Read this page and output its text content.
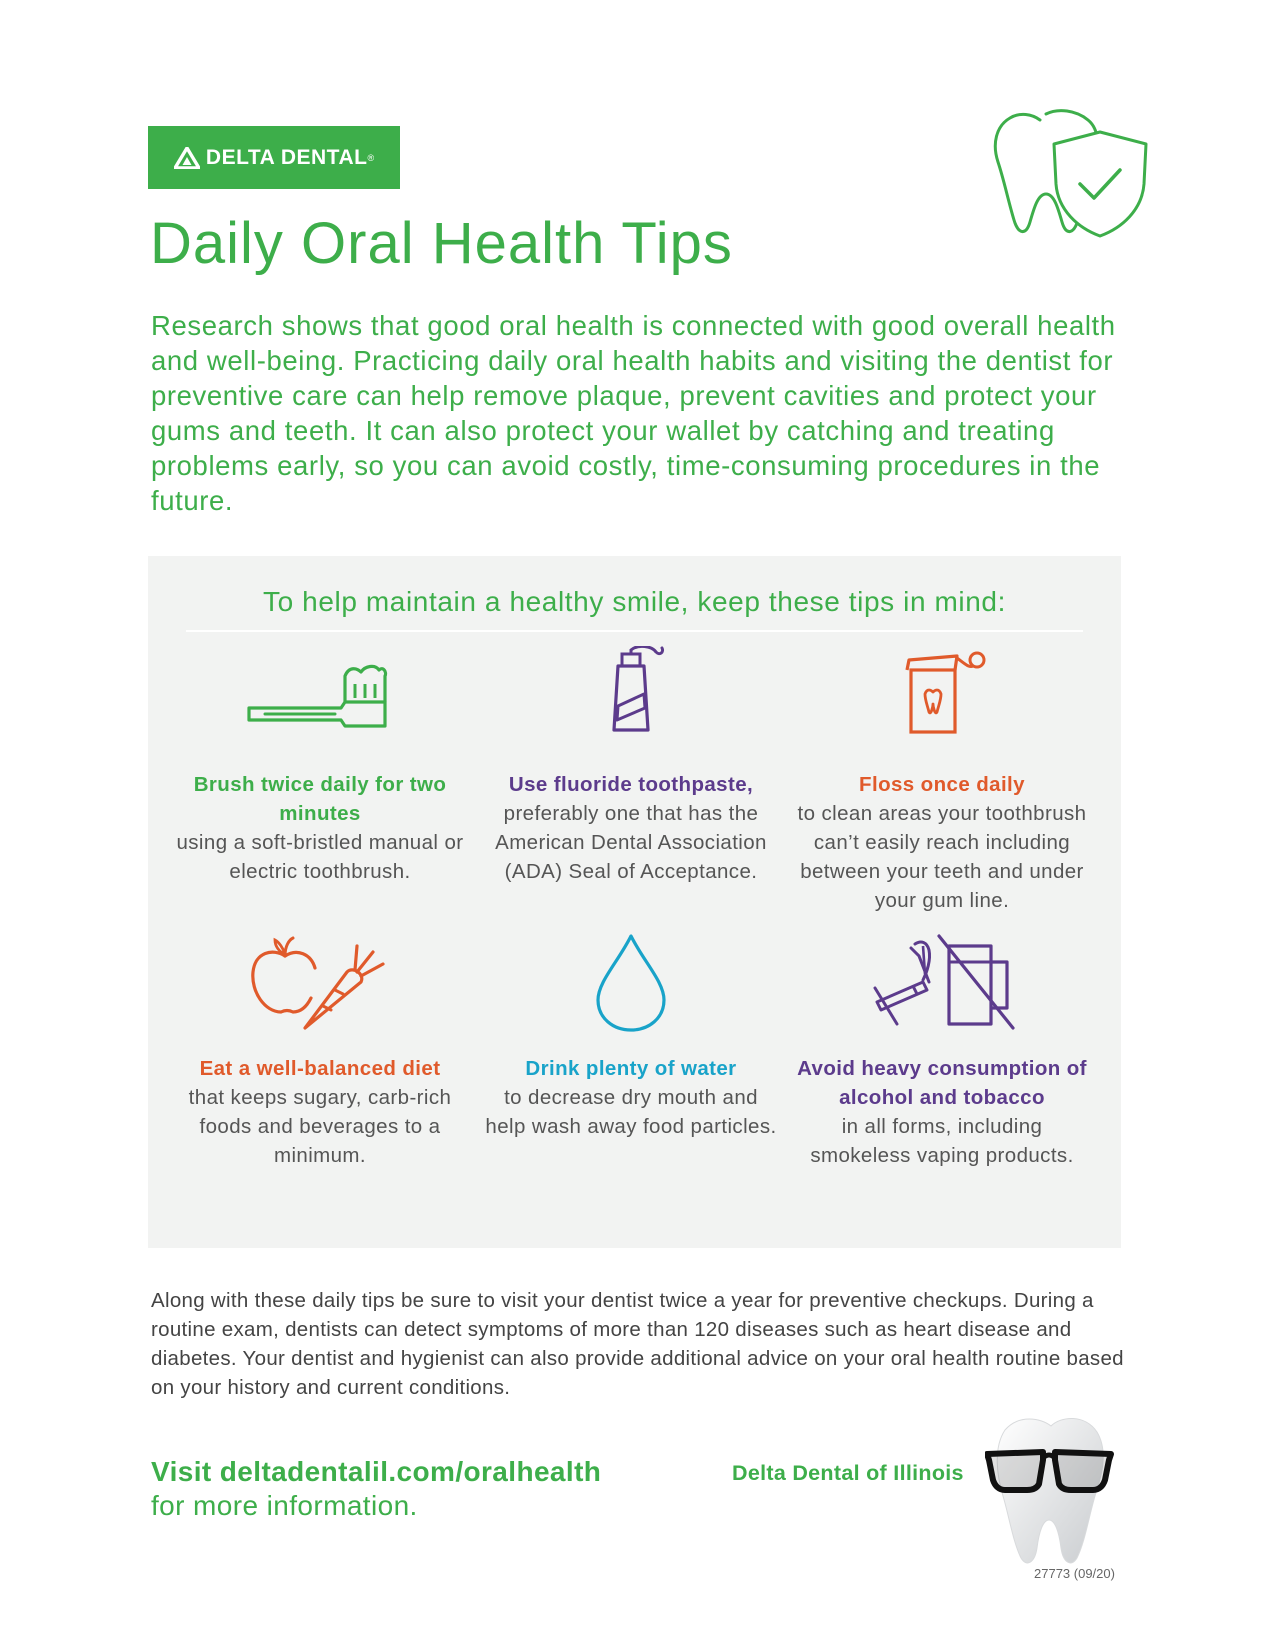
DELTA DENTAL ®
Daily Oral Health Tips

Research shows that good oral health is connected with good overall health and well-being. Practicing daily oral health habits and visiting the dentist for preventive care can help remove plaque, prevent cavities and protect your gums and teeth. It can also protect your wallet by catching and treating problems early, so you can avoid costly, time-consuming procedures in the future.

To help maintain a healthy smile, keep these tips in mind:
Brush twice daily for two minutes
using a soft-bristled manual or electric toothbrush.
Use fluoride toothpaste,
preferably one that has the American Dental Association (ADA) Seal of Acceptance.
Floss once daily
to clean areas your toothbrush can’t easily reach including between your teeth and under your gum line.
Eat a well-balanced diet
that keeps sugary, carb-rich foods and beverages to a minimum.
Drink plenty of water
to decrease dry mouth and help wash away food particles.
Avoid heavy consumption of alcohol and tobacco
in all forms, including smokeless vaping products.

Along with these daily tips be sure to visit your dentist twice a year for preventive checkups. During a routine exam, dentists can detect symptoms of more than 120 diseases such as heart disease and diabetes. Your dentist and hygienist can also provide additional advice on your oral health routine based on your history and current conditions.

Visit deltadentalil.com/oralhealth
for more information.

Delta Dental of Illinois

27773 (09/20)
